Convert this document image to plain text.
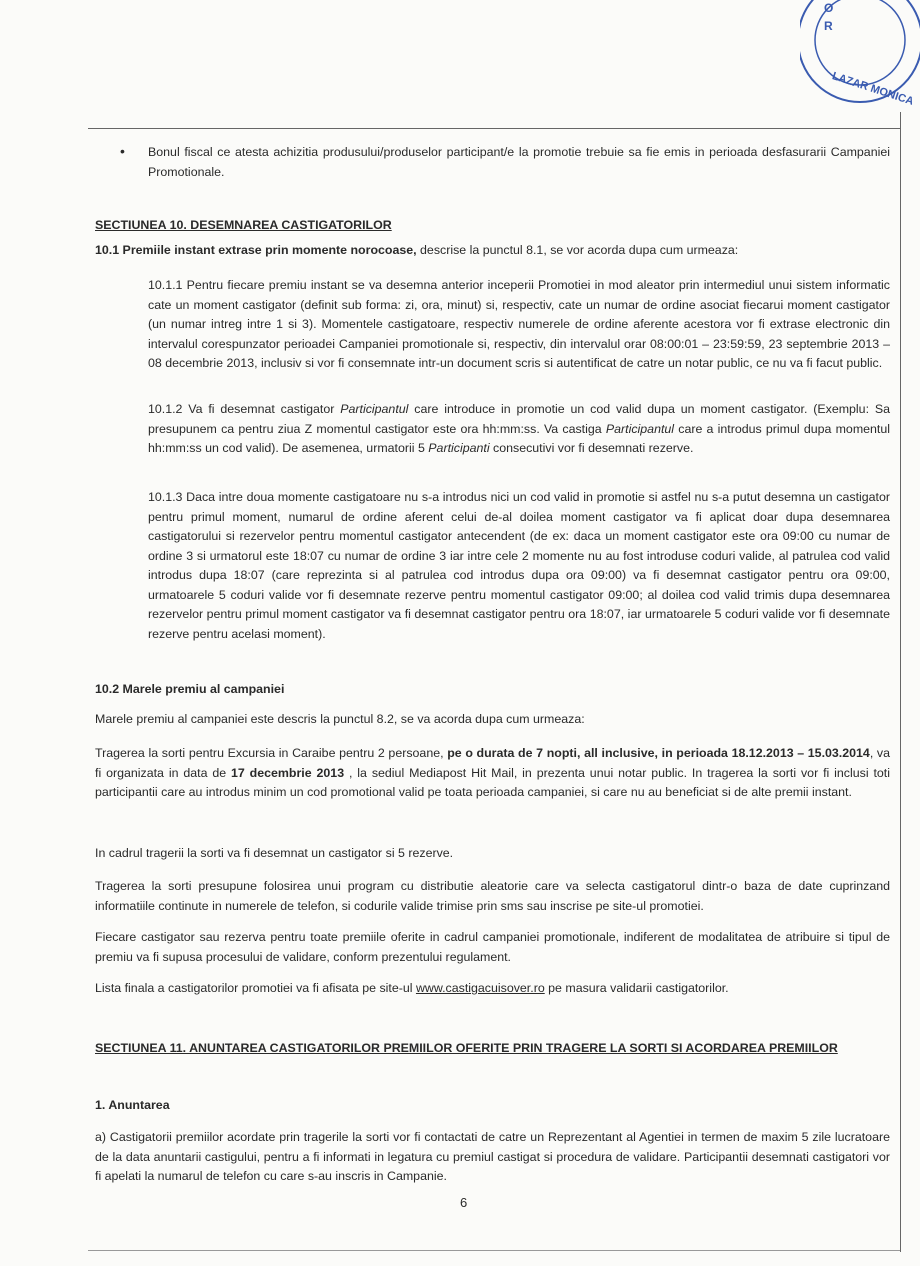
R
O
LAZAR MONICA
• Bonul fiscal ce atesta achizitia produsului/produselor participant/e la promotie trebuie sa fie emis in perioada desfasurarii Campaniei Promotionale.
SECTIUNEA 10. DESEMNAREA CASTIGATORILOR
10.1 Premiile instant extrase prin momente norocoase, descrise la punctul 8.1, se vor acorda dupa cum urmeaza:
10.1.1 Pentru fiecare premiu instant se va desemna anterior inceperii Promotiei in mod aleator prin intermediul unui sistem informatic cate un moment castigator (definit sub forma: zi, ora, minut) si, respectiv, cate un numar de ordine asociat fiecarui moment castigator (un numar intreg intre 1 si 3). Momentele castigatoare, respectiv numerele de ordine aferente acestora vor fi extrase electronic din intervalul corespunzator perioadei Campaniei promotionale si, respectiv, din intervalul orar 08:00:01 – 23:59:59, 23 septembrie 2013 – 08 decembrie 2013, inclusiv si vor fi consemnate intr-un document scris si autentificat de catre un notar public, ce nu va fi facut public.
10.1.2 Va fi desemnat castigator Participantul care introduce in promotie un cod valid dupa un moment castigator. (Exemplu: Sa presupunem ca pentru ziua Z momentul castigator este ora hh:mm:ss. Va castiga Participantul care a introdus primul dupa momentul hh:mm:ss un cod valid). De asemenea, urmatorii 5 Participanti consecutivi vor fi desemnati rezerve.
10.1.3 Daca intre doua momente castigatoare nu s-a introdus nici un cod valid in promotie si astfel nu s-a putut desemna un castigator pentru primul moment, numarul de ordine aferent celui de-al doilea moment castigator va fi aplicat doar dupa desemnarea castigatorului si rezervelor pentru momentul castigator antecendent (de ex: daca un moment castigator este ora 09:00 cu numar de ordine 3 si urmatorul este 18:07 cu numar de ordine 3 iar intre cele 2 momente nu au fost introduse coduri valide, al patrulea cod valid introdus dupa 18:07 (care reprezinta si al patrulea cod introdus dupa ora 09:00) va fi desemnat castigator pentru ora 09:00, urmatoarele 5 coduri valide vor fi desemnate rezerve pentru momentul castigator 09:00; al doilea cod valid trimis dupa desemnarea rezervelor pentru primul moment castigator va fi desemnat castigator pentru ora 18:07, iar urmatoarele 5 coduri valide vor fi desemnate rezerve pentru acelasi moment).
10.2 Marele premiu al campaniei
Marele premiu al campaniei este descris la punctul 8.2, se va acorda dupa cum urmeaza:
Tragerea la sorti pentru Excursia in Caraibe pentru 2 persoane, pe o durata de 7 nopti, all inclusive, in perioada 18.12.2013 – 15.03.2014, va fi organizata in data de 17 decembrie 2013 , la sediul Mediapost Hit Mail, in prezenta unui notar public. In tragerea la sorti vor fi inclusi toti participantii care au introdus minim un cod promotional valid pe toata perioada campaniei, si care nu au beneficiat si de alte premii instant.
In cadrul tragerii la sorti va fi desemnat un castigator si 5 rezerve.
Tragerea la sorti presupune folosirea unui program cu distributie aleatorie care va selecta castigatorul dintr-o baza de date cuprinzand informatiile continute in numerele de telefon, si codurile valide trimise prin sms sau inscrise pe site-ul promotiei.
Fiecare castigator sau rezerva pentru toate premiile oferite in cadrul campaniei promotionale, indiferent de modalitatea de atribuire si tipul de premiu va fi supusa procesului de validare, conform prezentului regulament.
Lista finala a castigatorilor promotiei va fi afisata pe site-ul www.castigacuisover.ro pe masura validarii castigatorilor.
SECTIUNEA 11. ANUNTAREA CASTIGATORILOR PREMIILOR OFERITE PRIN TRAGERE LA SORTI SI ACORDAREA PREMIILOR
1. Anuntarea
a) Castigatorii premiilor acordate prin tragerile la sorti vor fi contactati de catre un Reprezentant al Agentiei in termen de maxim 5 zile lucratoare de la data anuntarii castigului, pentru a fi informati in legatura cu premiul castigat si procedura de validare. Participantii desemnati castigatori vor fi apelati la numarul de telefon cu care s-au inscris in Campanie.
6
